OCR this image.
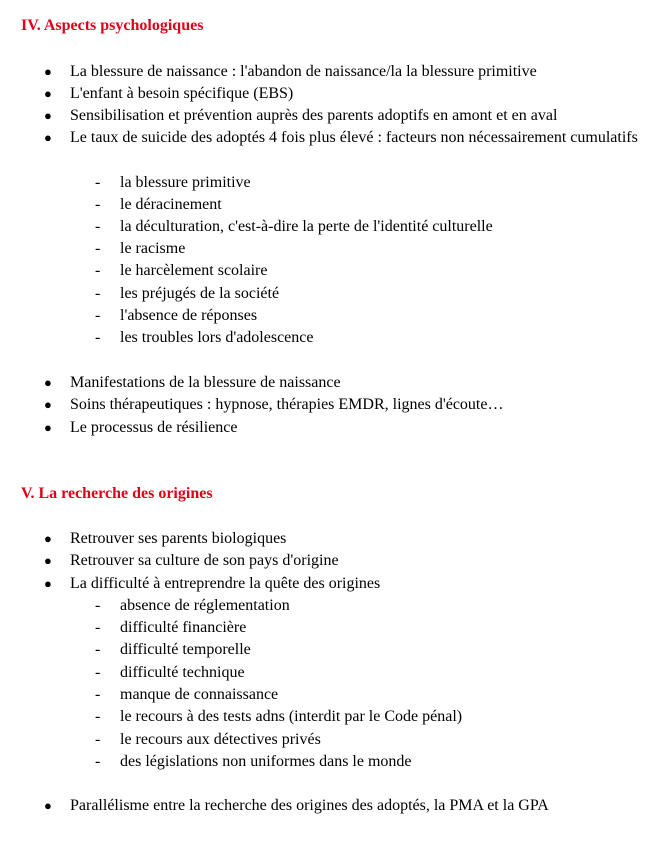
IV. Aspects psychologiques
● La blessure de naissance : l'abandon de naissance/la la blessure primitive
● L'enfant à besoin spécifique (EBS)
● Sensibilisation et prévention auprès des parents adoptifs en amont et en aval
● Le taux de suicide des adoptés 4 fois plus élevé : facteurs non nécessairement cumulatifs
- la blessure primitive
- le déracinement
- la déculturation, c'est-à-dire la perte de l'identité culturelle
- le racisme
- le harcèlement scolaire
- les préjugés de la société
- l'absence de réponses
- les troubles lors d'adolescence
● Manifestations de la blessure de naissance
● Soins thérapeutiques : hypnose, thérapies EMDR, lignes d'écoute…
● Le processus de résilience
V. La recherche des origines
● Retrouver ses parents biologiques
● Retrouver sa culture de son pays d'origine
● La difficulté à entreprendre la quête des origines
- absence de réglementation
- difficulté financière
- difficulté temporelle
- difficulté technique
- manque de connaissance
- le recours à des tests adns (interdit par le Code pénal)
- le recours aux détectives privés
- des législations non uniformes dans le monde
● Parallélisme entre la recherche des origines des adoptés, la PMA et la GPA
